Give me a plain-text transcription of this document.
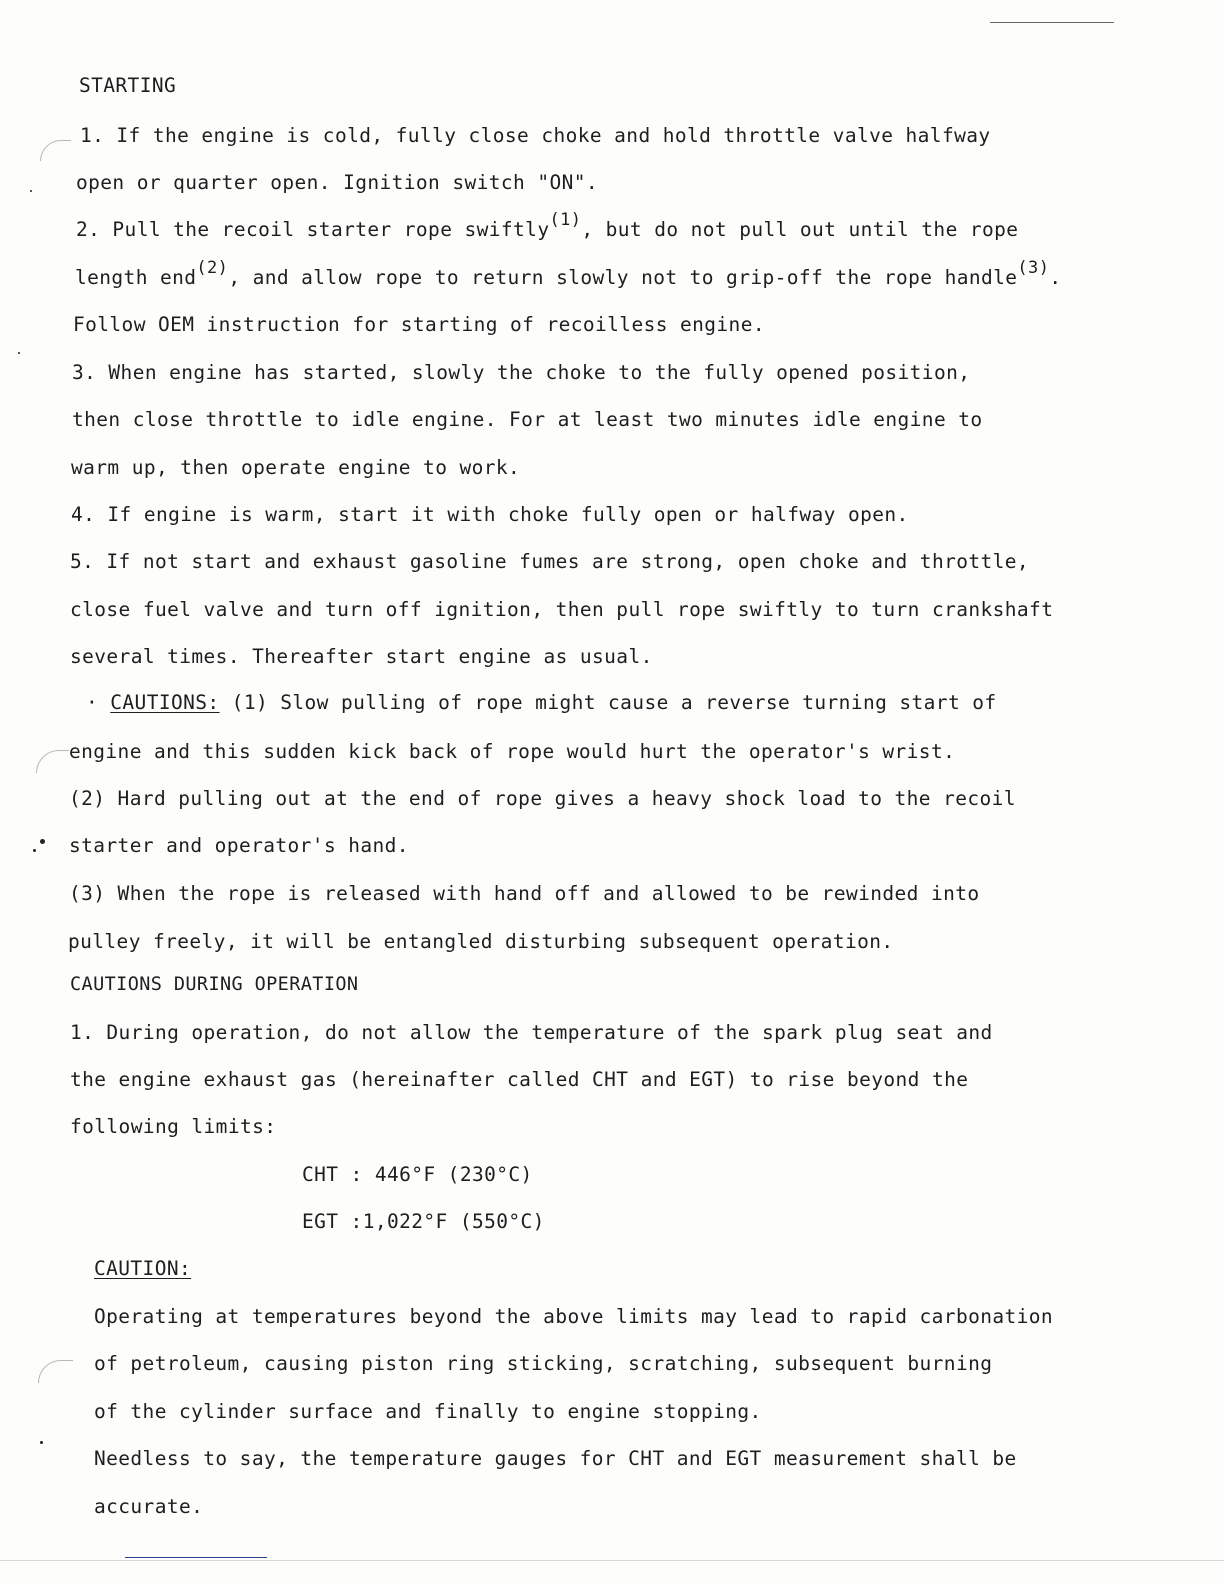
STARTING
1. If the engine is cold, fully close choke and hold throttle valve halfway
open or quarter open. Ignition switch "ON".
2. Pull the recoil starter rope swiftly$^{(1)}$, but do not pull out until the rope
length end$^{(2)}$, and allow rope to return slowly not to grip-off the rope handle$^{(3)}$.
Follow OEM instruction for starting of recoilless engine.
3. When engine has started, slowly the choke to the fully opened position,
then close throttle to idle engine. For at least two minutes idle engine to
warm up, then operate engine to work.
4. If engine is warm, start it with choke fully open or halfway open.
5. If not start and exhaust gasoline fumes are strong, open choke and throttle,
close fuel valve and turn off ignition, then pull rope swiftly to turn crankshaft
several times. Thereafter start engine as usual.
· CAUTIONS: (1) Slow pulling of rope might cause a reverse turning start of
engine and this sudden kick back of rope would hurt the operator's wrist.
(2) Hard pulling out at the end of rope gives a heavy shock load to the recoil
starter and operator's hand.
(3) When the rope is released with hand off and allowed to be rewinded into
pulley freely, it will be entangled disturbing subsequent operation.
CAUTIONS DURING OPERATION
1. During operation, do not allow the temperature of the spark plug seat and
the engine exhaust gas (hereinafter called CHT and EGT) to rise beyond the
following limits:
CHT : 446°F (230°C)
EGT :1,022°F (550°C)
CAUTION:
Operating at temperatures beyond the above limits may lead to rapid carbonation
of petroleum, causing piston ring sticking, scratching, subsequent burning
of the cylinder surface and finally to engine stopping.
Needless to say, the temperature gauges for CHT and EGT measurement shall be
accurate.
